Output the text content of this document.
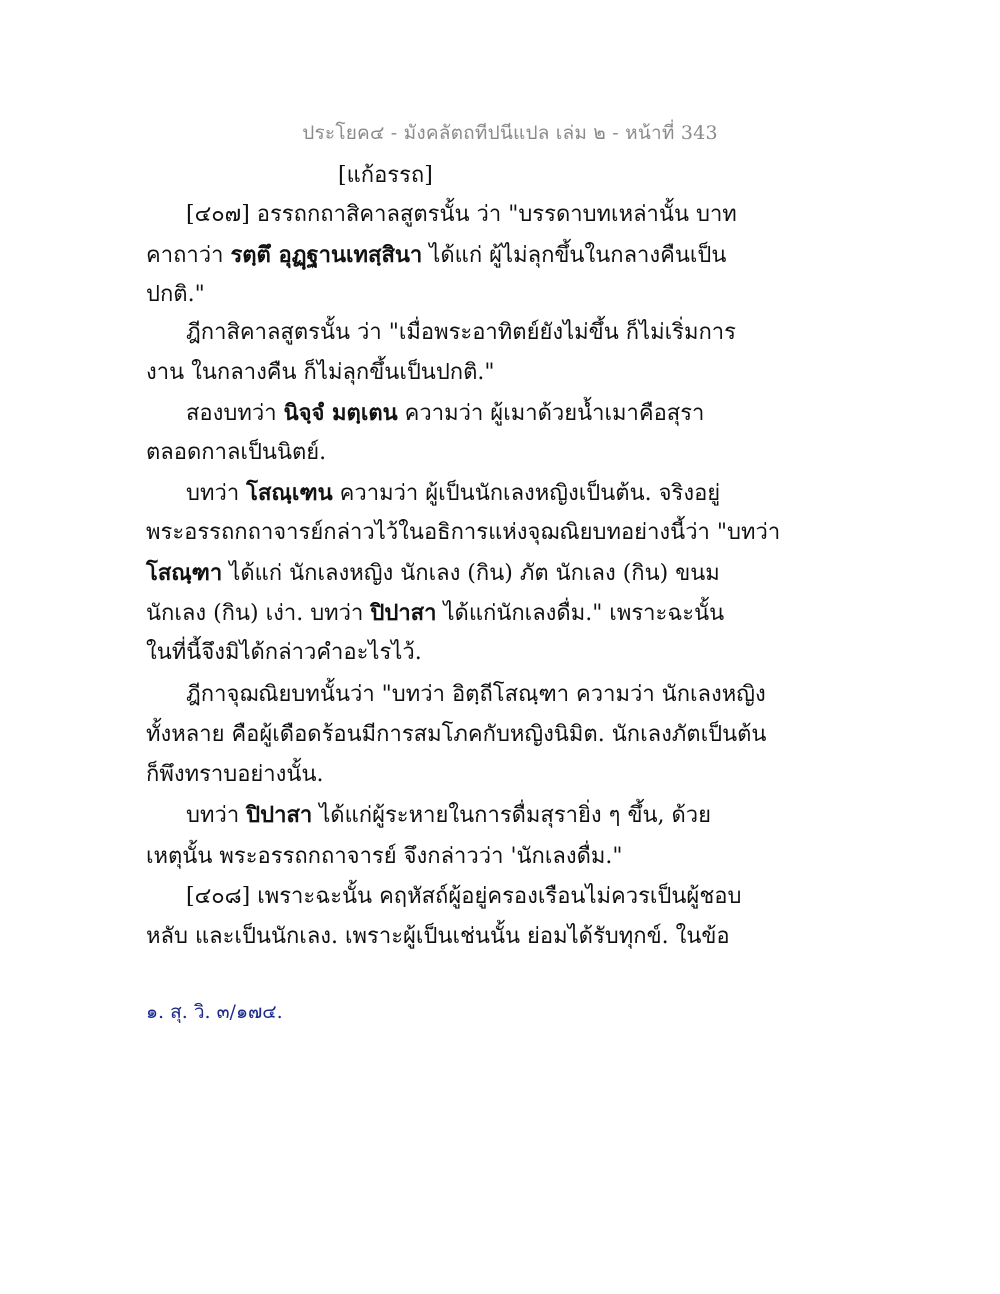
ประโยค๔ - มังคลัตถทีปนีแปล เล่ม ๒ - หน้าที่ 343
[แก้อรรถ]
[๔๐๗] อรรถกถาสิคาลสูตรนั้น ว่า "บรรดาบทเหล่านั้น บาท
คาถาว่า รตฺตึ อุฏฺฐานเทสฺสินา ได้แก่ ผู้ไม่ลุกขึ้นในกลางคืนเป็น
ปกติ."
ฎีกาสิคาลสูตรนั้น ว่า "เมื่อพระอาทิตย์ยังไม่ขึ้น ก็ไม่เริ่มการ
งาน ในกลางคืน ก็ไม่ลุกขึ้นเป็นปกติ."
สองบทว่า นิจฺจํ มตฺเตน ความว่า ผู้เมาด้วยน้ำเมาคือสุรา
ตลอดกาลเป็นนิตย์.
บทว่า โสณฺเฑน ความว่า ผู้เป็นนักเลงหญิงเป็นต้น. จริงอยู่
พระอรรถกถาจารย์กล่าวไว้ในอธิการแห่งจุฌณิยบทอย่างนี้ว่า "บทว่า
โสณฺฑา ได้แก่ นักเลงหญิง นักเลง (กิน) ภัต นักเลง (กิน) ขนม
นักเลง (กิน) เง่า. บทว่า ปิปาสา ได้แก่นักเลงดื่ม." เพราะฉะนั้น
ในที่นี้จึงมิได้กล่าวคำอะไรไว้.
ฎีกาจุฌณิยบทนั้นว่า "บทว่า อิตฺถีโสณฺฑา ความว่า นักเลงหญิง
ทั้งหลาย คือผู้เดือดร้อนมีการสมโภคกับหญิงนิมิต. นักเลงภัตเป็นต้น
ก็พึงทราบอย่างนั้น.
บทว่า ปิปาสา ได้แก่ผู้ระหายในการดื่มสุรายิ่ง ๆ ขึ้น, ด้วย
เหตุนั้น พระอรรถกถาจารย์ จึงกล่าวว่า 'นักเลงดื่ม."
[๔๐๘] เพราะฉะนั้น คฤหัสถ์ผู้อยู่ครองเรือนไม่ควรเป็นผู้ชอบ
หลับ และเป็นนักเลง. เพราะผู้เป็นเช่นนั้น ย่อมได้รับทุกข์. ในข้อ
๑. สุ. วิ. ๓/๑๗๔.
